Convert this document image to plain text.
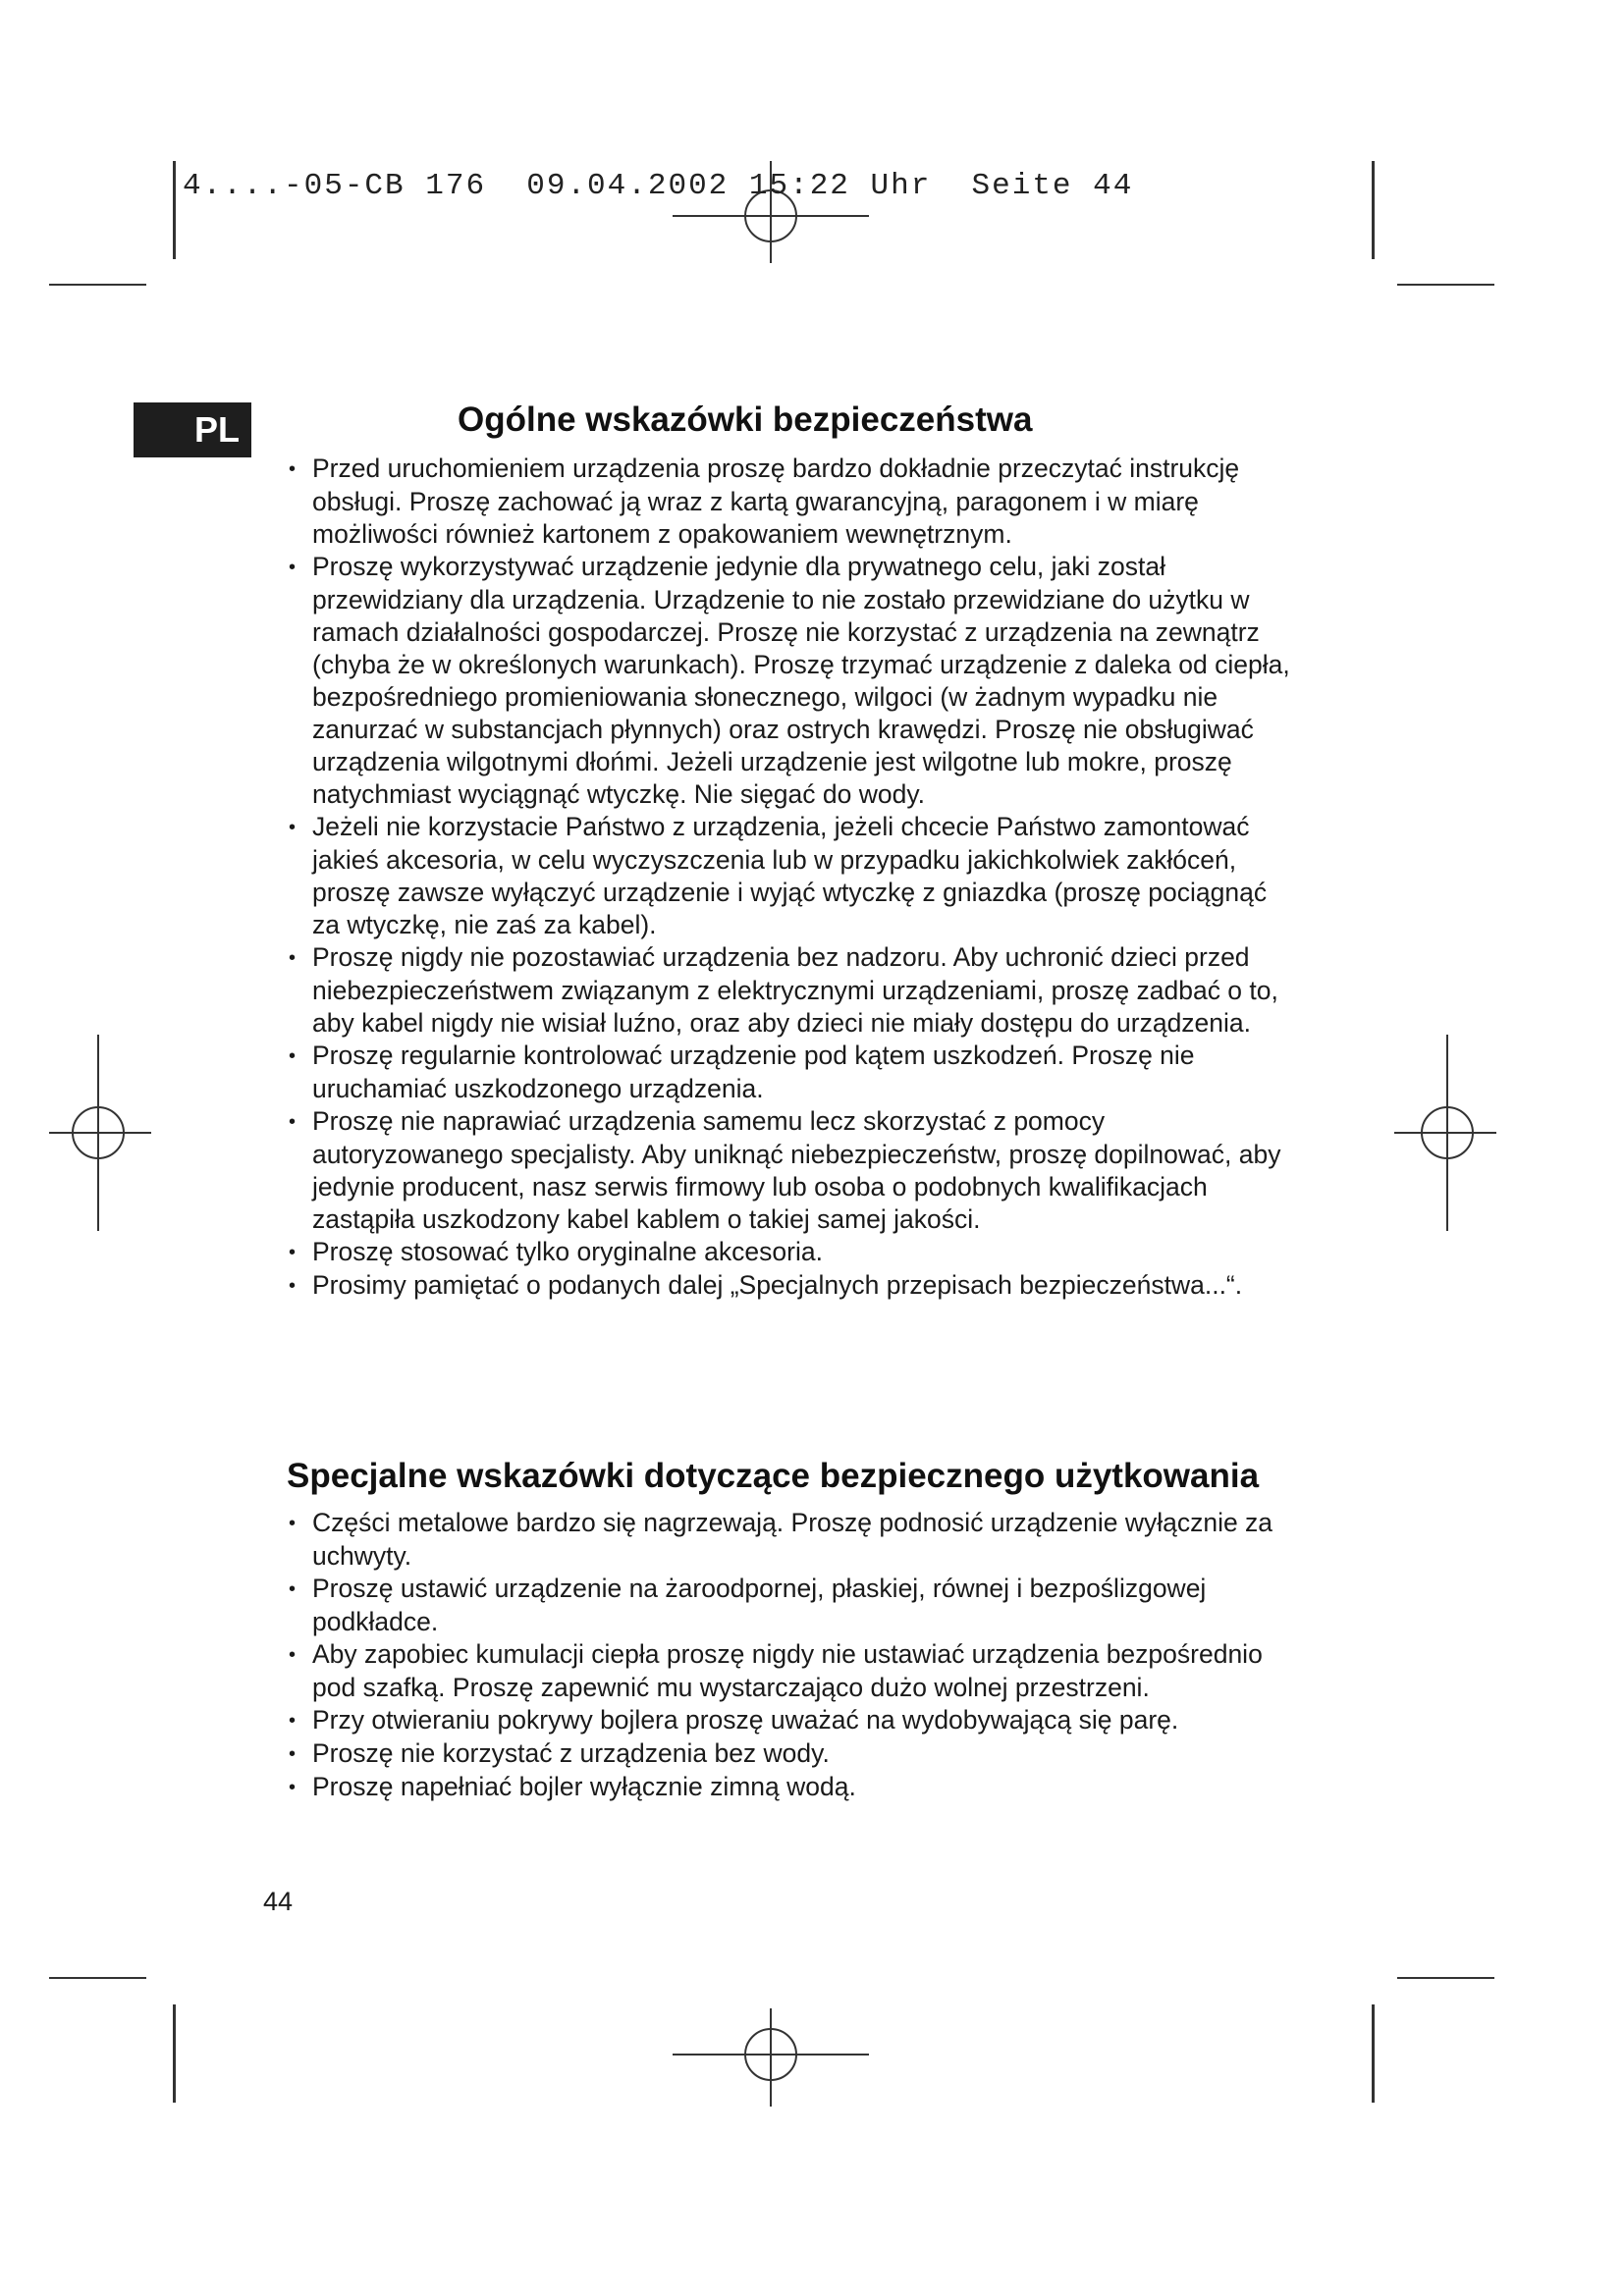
4....-05-CB 176  09.04.2002 15:22 Uhr  Seite 44
PL	Ogólne wskazówki bezpieczeństwa
• Przed uruchomieniem urządzenia proszę bardzo dokładnie przeczytać instrukcję obsługi. Proszę zachować ją wraz z kartą gwarancyjną, paragonem i w miarę możliwości również kartonem z opakowaniem wewnętrznym.
• Proszę wykorzystywać urządzenie jedynie dla prywatnego celu, jaki został przewidziany dla urządzenia. Urządzenie to nie zostało przewidziane do użytku w ramach działalności gospodarczej. Proszę nie korzystać z urządzenia na zewnątrz (chyba że w określonych warunkach). Proszę trzymać urządzenie z daleka od ciepła, bezpośredniego promieniowania słonecznego, wilgoci (w żadnym wypadku nie zanurzać w substancjach płynnych) oraz ostrych krawędzi. Proszę nie obsługiwać urządzenia wilgotnymi dłońmi. Jeżeli urządzenie jest wilgotne lub mokre, proszę natychmiast wyciągnąć wtyczkę. Nie sięgać do wody.
• Jeżeli nie korzystacie Państwo z urządzenia, jeżeli chcecie Państwo zamontować jakieś akcesoria, w celu wyczyszczenia lub w przypadku jakichkolwiek zakłóceń, proszę zawsze wyłączyć urządzenie i wyjąć wtyczkę z gniazdka (proszę pociągnąć za wtyczkę, nie zaś za kabel).
• Proszę nigdy nie pozostawiać urządzenia bez nadzoru. Aby uchronić dzieci przed niebezpieczeństwem związanym z elektrycznymi urządzeniami, proszę zadbać o to, aby kabel nigdy nie wisiał luźno, oraz aby dzieci nie miały dostępu do urządzenia.
• Proszę regularnie kontrolować urządzenie pod kątem uszkodzeń. Proszę nie uruchamiać uszkodzonego urządzenia.
• Proszę nie naprawiać urządzenia samemu lecz skorzystać z pomocy autoryzowanego specjalisty. Aby uniknąć niebezpieczeństw, proszę dopilnować, aby jedynie producent, nasz serwis firmowy lub osoba o podobnych kwalifikacjach zastąpiła uszkodzony kabel kablem o takiej samej jakości.
• Proszę stosować tylko oryginalne akcesoria.
• Prosimy pamiętać o podanych dalej „Specjalnych przepisach bezpieczeństwa...“.
Specjalne wskazówki dotyczące bezpiecznego użytkowania
• Części metalowe bardzo się nagrzewają. Proszę podnosić urządzenie wyłącznie za uchwyty.
• Proszę ustawić urządzenie na żaroodpornej, płaskiej, równej i bezpoślizgowej podkładce.
• Aby zapobiec kumulacji ciepła proszę nigdy nie ustawiać urządzenia bezpośrednio pod szafką. Proszę zapewnić mu wystarczająco dużo wolnej przestrzeni.
• Przy otwieraniu pokrywy bojlera proszę uważać na wydobywającą się parę.
• Proszę nie korzystać z urządzenia bez wody.
• Proszę napełniać bojler wyłącznie zimną wodą.
44
